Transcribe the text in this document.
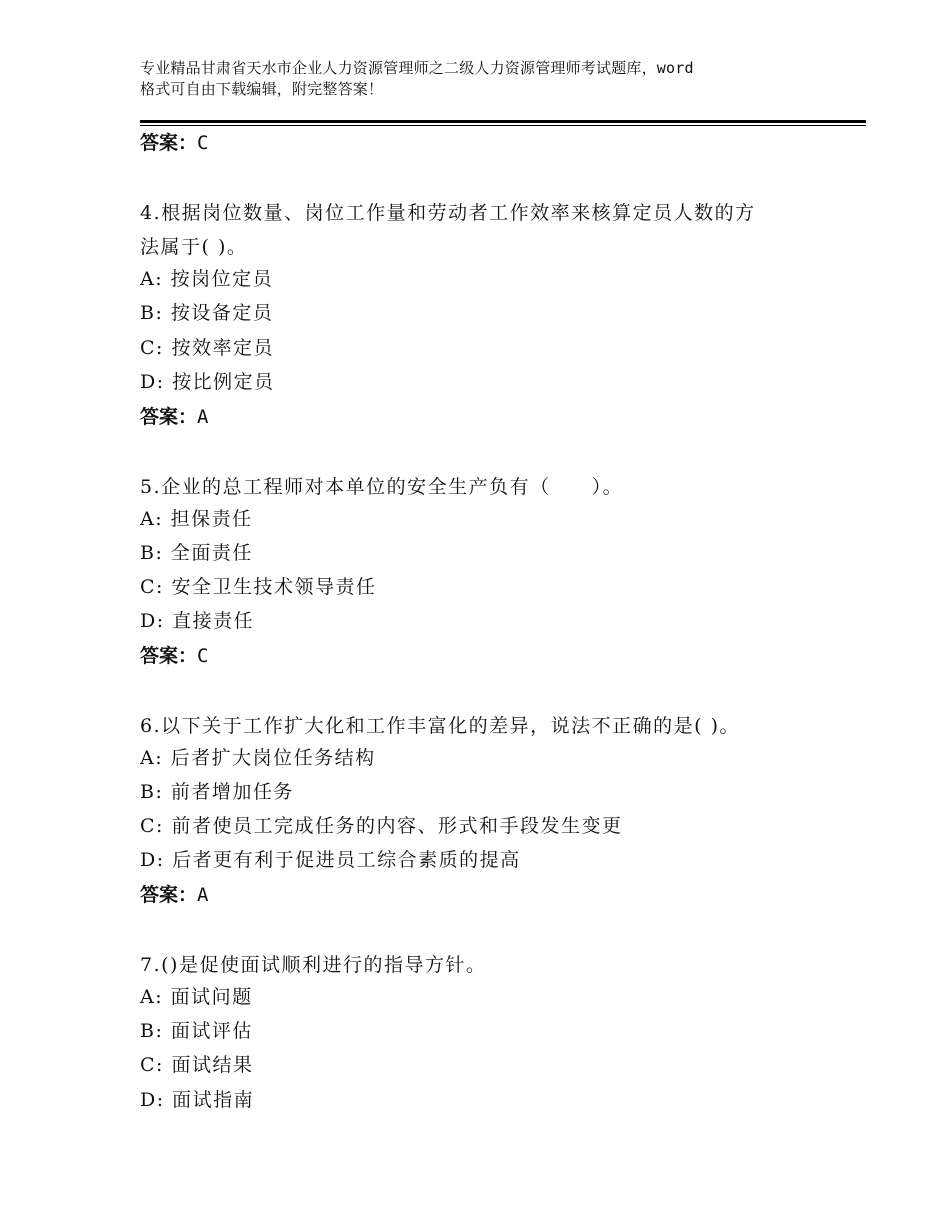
专业精品甘肃省天水市企业人力资源管理师之二级人力资源管理师考试题库，word
格式可自由下载编辑，附完整答案！
答案：C
4.根据岗位数量、岗位工作量和劳动者工作效率来核算定员人数的方
法属于( )。
A: 按岗位定员
B: 按设备定员
C: 按效率定员
D: 按比例定员
答案：A
5.企业的总工程师对本单位的安全生产负有（　　）。
A: 担保责任
B: 全面责任
C: 安全卫生技术领导责任
D: 直接责任
答案：C
6.以下关于工作扩大化和工作丰富化的差异，说法不正确的是( )。
A: 后者扩大岗位任务结构
B: 前者增加任务
C: 前者使员工完成任务的内容、形式和手段发生变更
D: 后者更有利于促进员工综合素质的提高
答案：A
7.()是促使面试顺利进行的指导方针。
A: 面试问题
B: 面试评估
C: 面试结果
D: 面试指南
